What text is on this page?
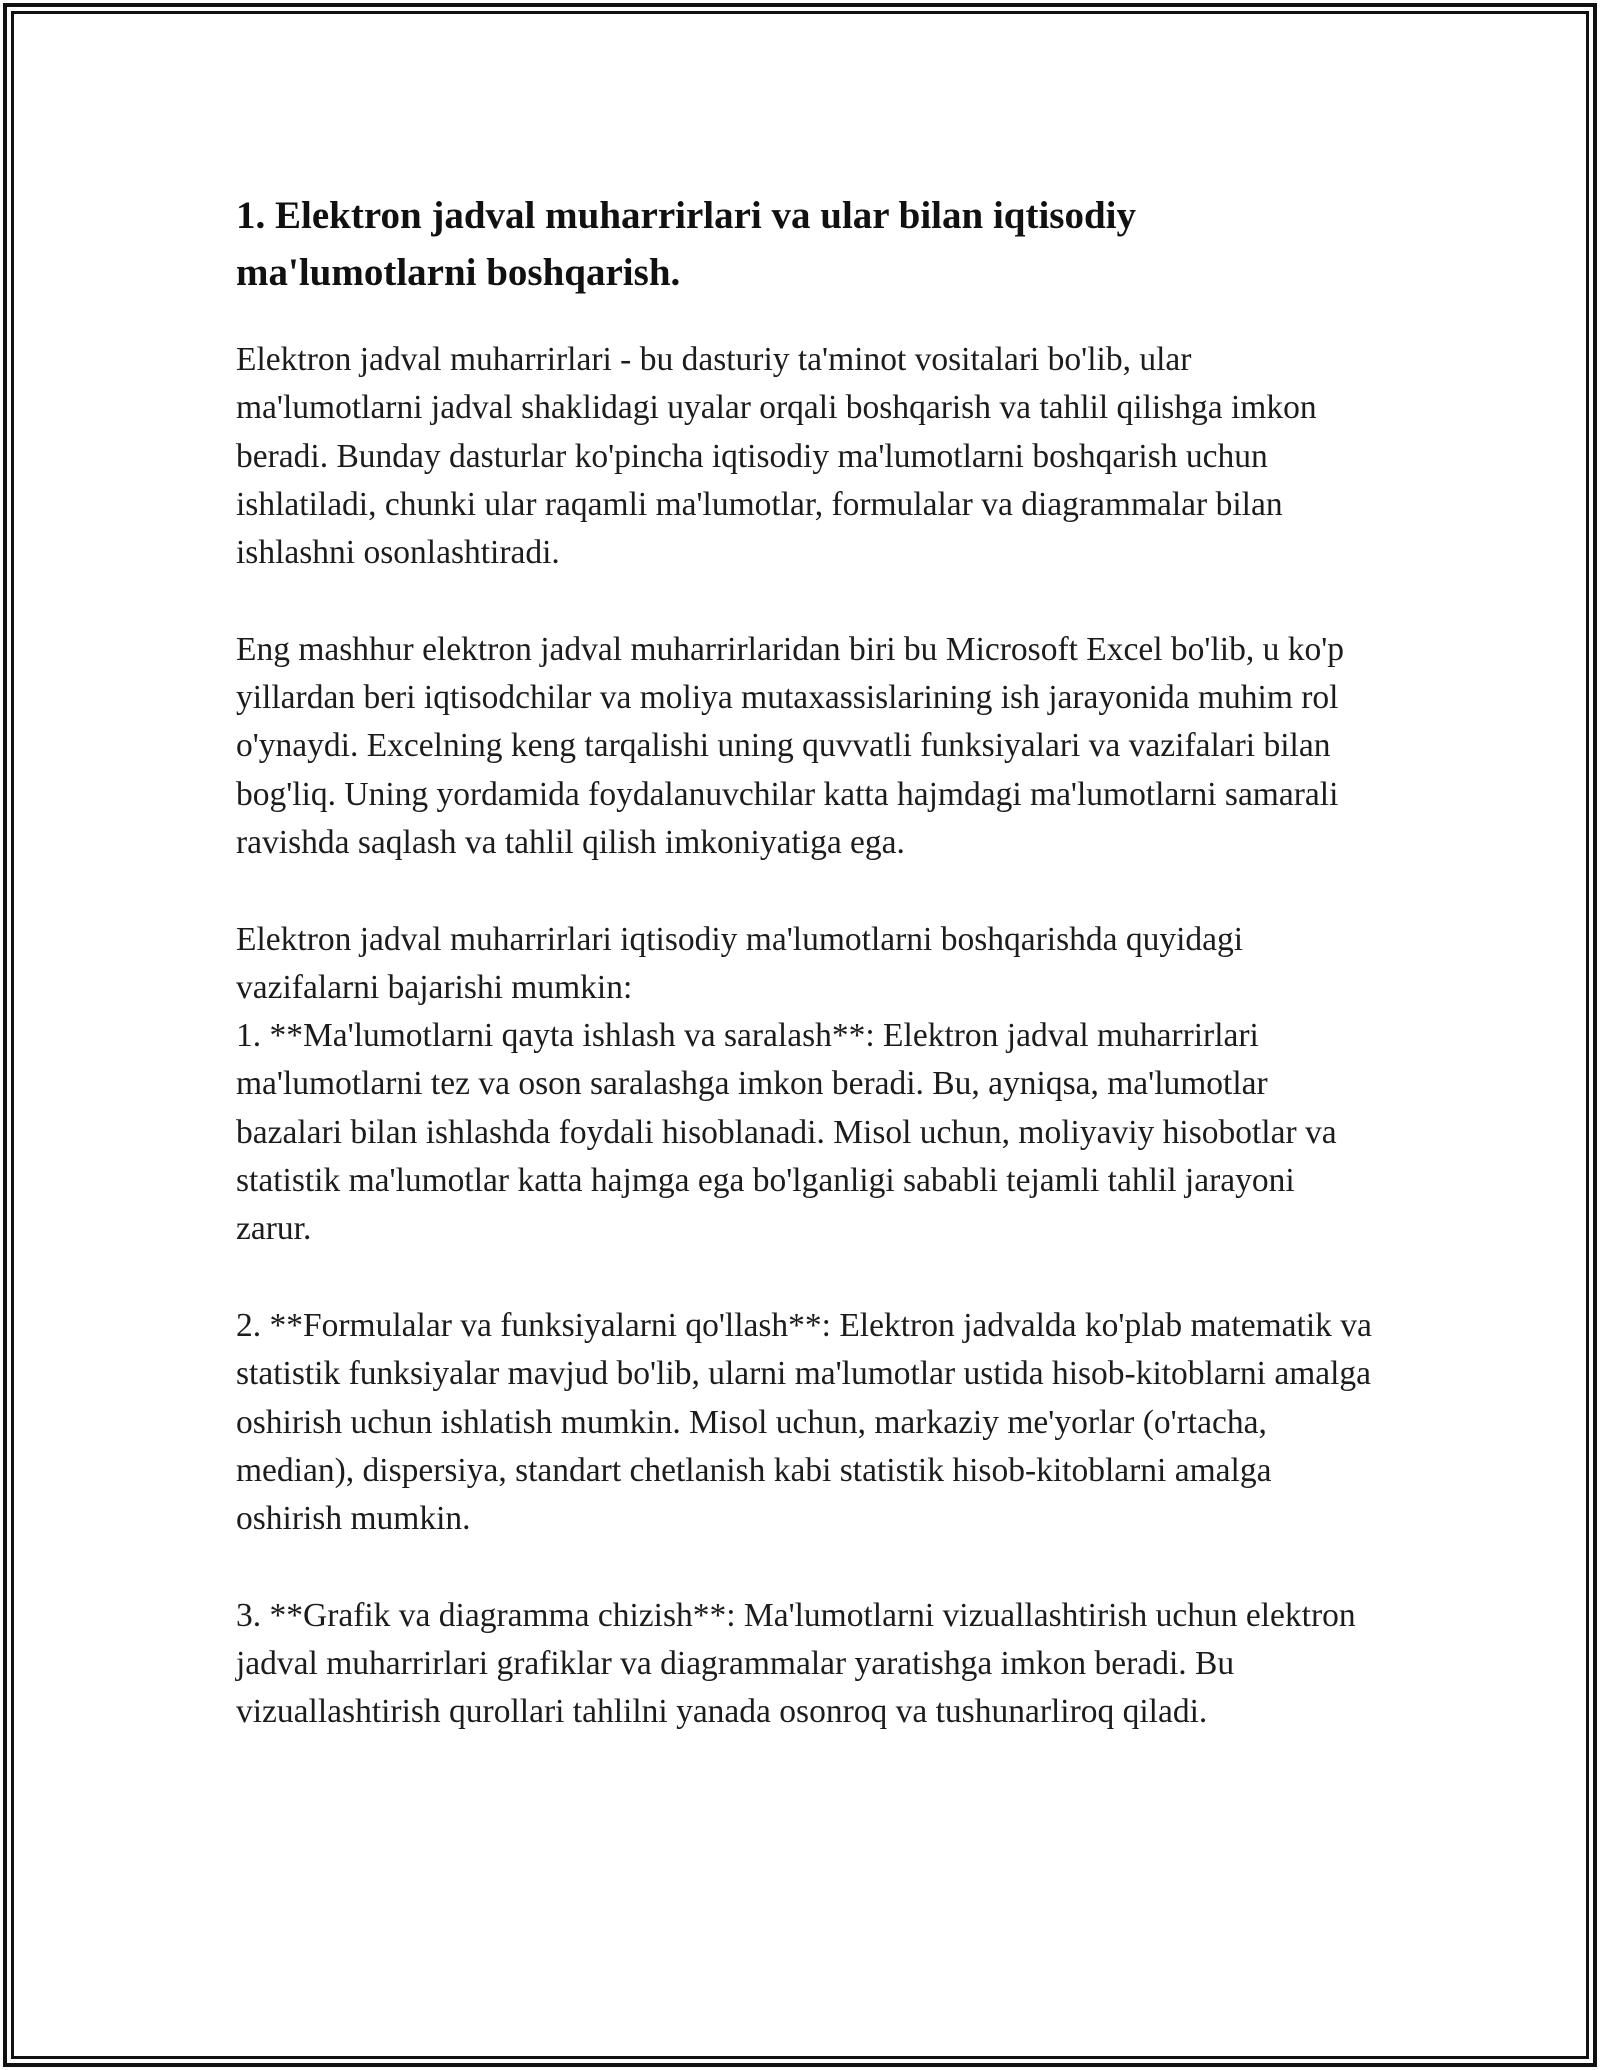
1. Elektron jadval muharrirlari va ular bilan iqtisodiy ma'lumotlarni boshqarish.

Elektron jadval muharrirlari - bu dasturiy ta'minot vositalari bo'lib, ular ma'lumotlarni jadval shaklidagi uyalar orqali boshqarish va tahlil qilishga imkon beradi. Bunday dasturlar ko'pincha iqtisodiy ma'lumotlarni boshqarish uchun ishlatiladi, chunki ular raqamli ma'lumotlar, formulalar va diagrammalar bilan ishlashni osonlashtiradi.

Eng mashhur elektron jadval muharrirlaridan biri bu Microsoft Excel bo'lib, u ko'p yillardan beri iqtisodchilar va moliya mutaxassislarining ish jarayonida muhim rol o'ynaydi. Excelning keng tarqalishi uning quvvatli funksiyalari va vazifalari bilan bog'liq. Uning yordamida foydalanuvchilar katta hajmdagi ma'lumotlarni samarali ravishda saqlash va tahlil qilish imkoniyatiga ega.

Elektron jadval muharrirlari iqtisodiy ma'lumotlarni boshqarishda quyidagi vazifalarni bajarishi mumkin:

1. **Ma'lumotlarni qayta ishlash va saralash**: Elektron jadval muharrirlari ma'lumotlarni tez va oson saralashga imkon beradi. Bu, ayniqsa, ma'lumotlar bazalari bilan ishlashda foydali hisoblanadi. Misol uchun, moliyaviy hisobotlar va statistik ma'lumotlar katta hajmga ega bo'lganligi sababli tejamli tahlil jarayoni zarur.

2. **Formulalar va funksiyalarni qo'llash**: Elektron jadvalda ko'plab matematik va statistik funksiyalar mavjud bo'lib, ularni ma'lumotlar ustida hisob-kitoblarni amalga oshirish uchun ishlatish mumkin. Misol uchun, markaziy me'yorlar (o'rtacha, median), dispersiya, standart chetlanish kabi statistik hisob-kitoblarni amalga oshirish mumkin.

3. **Grafik va diagramma chizish**: Ma'lumotlarni vizuallashtirish uchun elektron jadval muharrirlari grafiklar va diagrammalar yaratishga imkon beradi. Bu vizuallashtirish qurollari tahlilni yanada osonroq va tushunarliroq qiladi.
